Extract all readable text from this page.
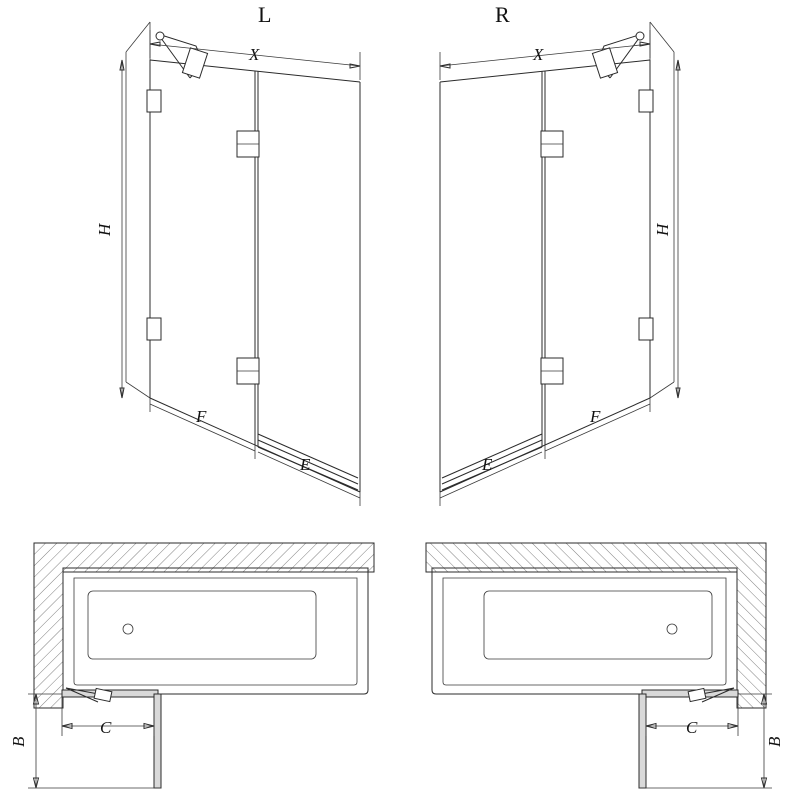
X
H
F
E
L
X
H
F
E
R
C
B
C
B
